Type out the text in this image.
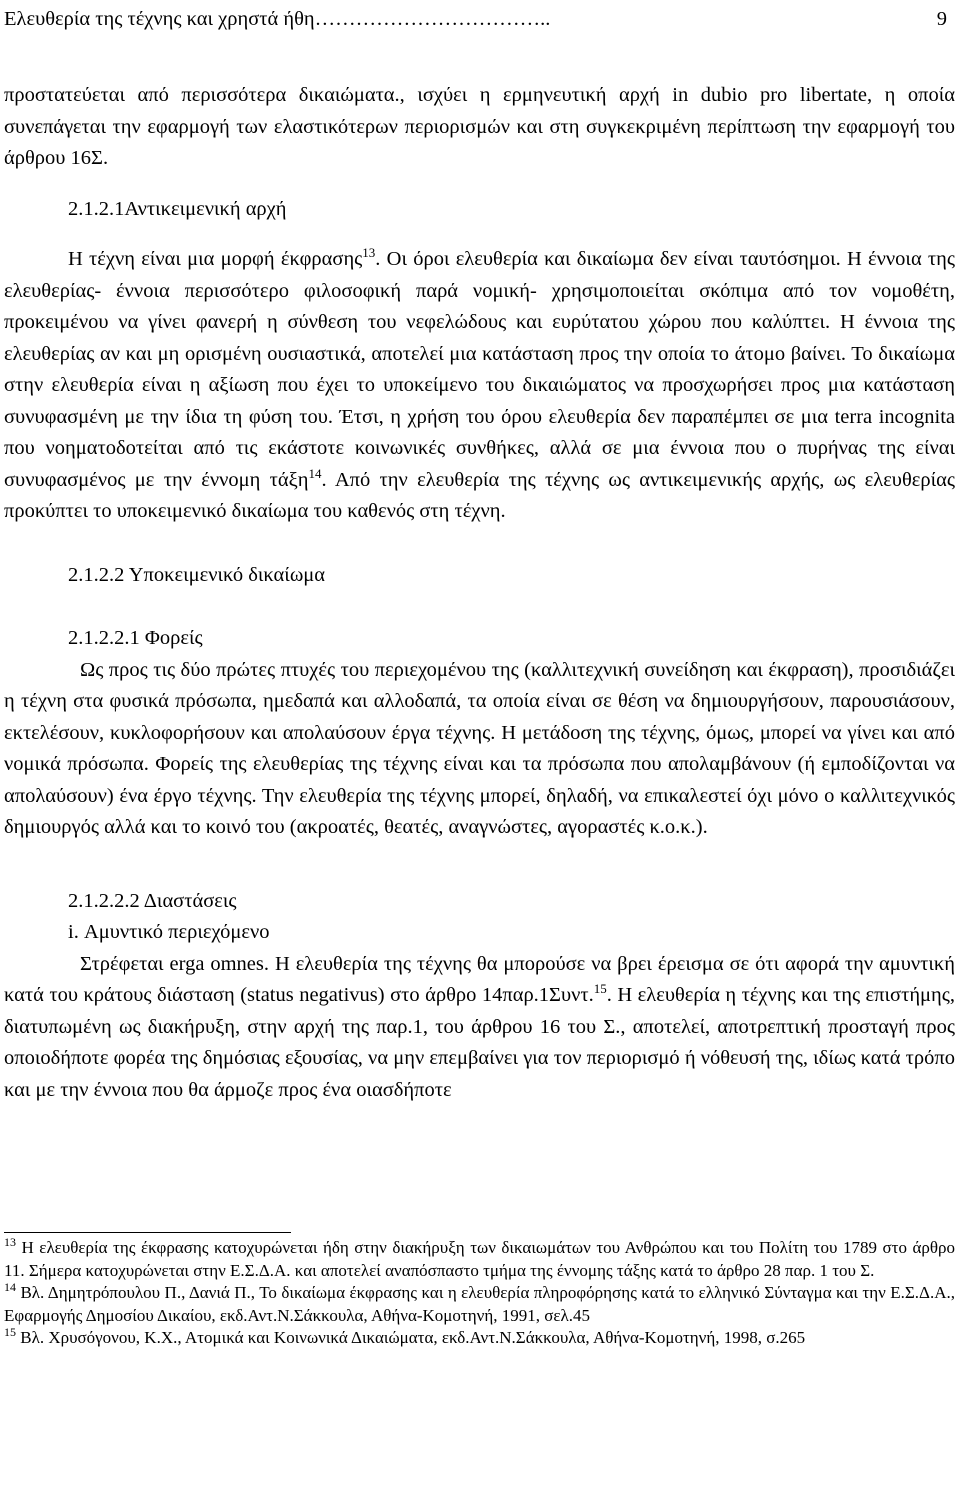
Ελευθερία της τέχνης και χρηστά ήθη……………………………..	9

προστατεύεται από περισσότερα δικαιώματα., ισχύει η ερμηνευτική αρχή in dubio pro libertate, η οποία συνεπάγεται την εφαρμογή των ελαστικότερων περιορισμών και στη συγκεκριμένη περίπτωση την εφαρμογή του άρθρου 16Σ.

2.1.2.1Αντικειμενική αρχή

Η τέχνη είναι μια μορφή έκφρασης$^{13}$. Οι όροι ελευθερία και δικαίωμα δεν είναι ταυτόσημοι. Η έννοια της ελευθερίας- έννοια περισσότερο φιλοσοφική παρά νομική- χρησιμοποιείται σκόπιμα από τον νομοθέτη, προκειμένου να γίνει φανερή η σύνθεση του νεφελώδους και ευρύτατου χώρου που καλύπτει. Η έννοια της ελευθερίας αν και μη ορισμένη ουσιαστικά, αποτελεί μια κατάσταση προς την οποία το άτομο βαίνει. Το δικαίωμα στην ελευθερία είναι η αξίωση που έχει το υποκείμενο του δικαιώματος να προσχωρήσει προς μια κατάσταση συνυφασμένη με την ίδια τη φύση του. Έτσι, η χρήση του όρου ελευθερία δεν παραπέμπει σε μια terra incognita που νοηματοδοτείται από τις εκάστοτε κοινωνικές συνθήκες, αλλά σε μια έννοια που ο πυρήνας της είναι συνυφασμένος με την έννομη τάξη$^{14}$. Από την ελευθερία της τέχνης ως αντικειμενικής αρχής, ως ελευθερίας προκύπτει το υποκειμενικό δικαίωμα του καθενός στη τέχνη.

2.1.2.2 Υποκειμενικό δικαίωμα

2.1.2.2.1 Φορείς

Ως προς τις δύο πρώτες πτυχές του περιεχομένου της (καλλιτεχνική συνείδηση και έκφραση), προσιδιάζει η τέχνη στα φυσικά πρόσωπα, ημεδαπά και αλλοδαπά, τα οποία είναι σε θέση να δημιουργήσουν, παρουσιάσουν, εκτελέσουν, κυκλοφορήσουν και απολαύσουν έργα τέχνης. Η μετάδοση της τέχνης, όμως, μπορεί να γίνει και από νομικά πρόσωπα. Φορείς της ελευθερίας της τέχνης είναι και τα πρόσωπα που απολαμβάνουν (ή εμποδίζονται να απολαύσουν) ένα έργο τέχνης. Την ελευθερία της τέχνης μπορεί, δηλαδή, να επικαλεστεί όχι μόνο ο καλλιτεχνικός δημιουργός αλλά και το κοινό του (ακροατές, θεατές, αναγνώστες, αγοραστές κ.ο.κ.).

2.1.2.2.2 Διαστάσεις

i. Αμυντικό περιεχόμενο

Στρέφεται erga omnes. Η ελευθερία της τέχνης θα μπορούσε να βρει έρεισμα σε ότι αφορά την αμυντική κατά του κράτους διάσταση (status negativus) στο άρθρο 14παρ.1Συντ.$^{15}$. Η ελευθερία η τέχνης και της επιστήμης, διατυπωμένη ως διακήρυξη, στην αρχή της παρ.1, του άρθρου 16 του Σ., αποτελεί, αποτρεπτική προσταγή προς οποιοδήποτε φορέα της δημόσιας εξουσίας, να μην επεμβαίνει για τον περιορισμό ή νόθευσή της, ιδίως κατά τρόπο και με την έννοια που θα άρμοζε προς ένα οιασδήποτε

$^{13}$ Η ελευθερία της έκφρασης κατοχυρώνεται ήδη στην διακήρυξη των δικαιωμάτων του Ανθρώπου και του Πολίτη του 1789 στο άρθρο 11. Σήμερα κατοχυρώνεται στην Ε.Σ.Δ.Α. και αποτελεί αναπόσπαστο τμήμα της έννομης τάξης κατά το άρθρο 28 παρ. 1 του Σ.

$^{14}$ Βλ. Δημητρόπουλου Π., Δανιά Π., Το δικαίωμα έκφρασης και η ελευθερία πληροφόρησης κατά το ελληνικό Σύνταγμα και την Ε.Σ.Δ.Α., Εφαρμογής Δημοσίου Δικαίου, εκδ.Αντ.Ν.Σάκκουλα, Αθήνα-Κομοτηνή, 1991, σελ.45

$^{15}$ Βλ. Χρυσόγονου, Κ.Χ., Ατομικά και Κοινωνικά Δικαιώματα, εκδ.Αντ.Ν.Σάκκουλα, Αθήνα-Κομοτηνή, 1998, σ.265
